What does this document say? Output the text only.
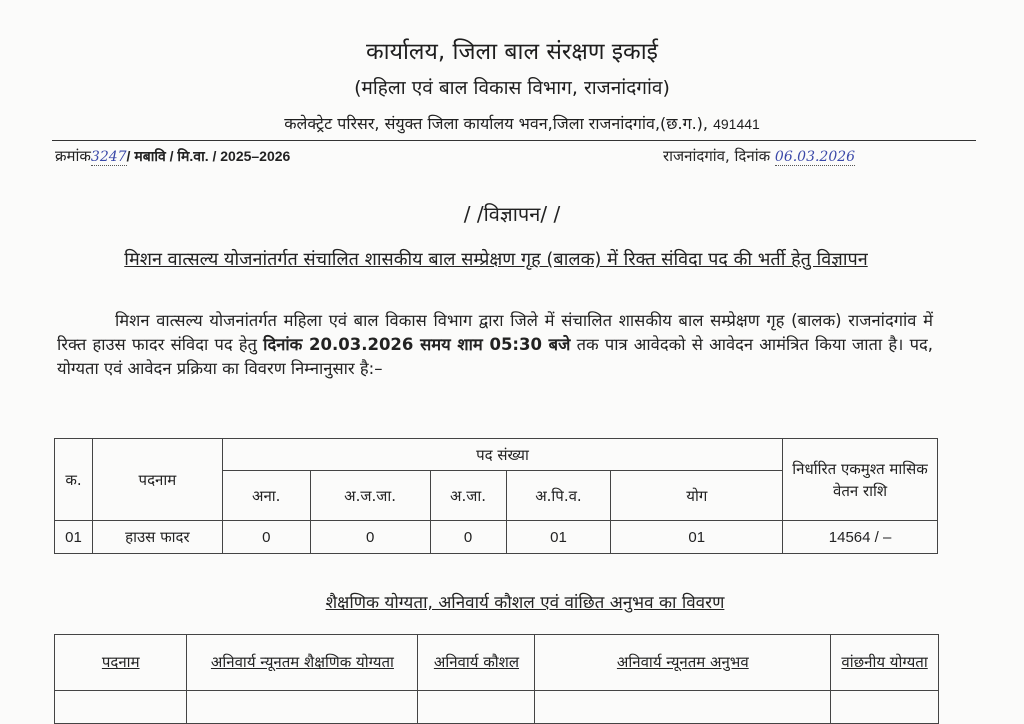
कार्यालय, जिला बाल संरक्षण इकाई
(महिला एवं बाल विकास विभाग, राजनांदगांव)
कलेक्ट्रेट परिसर, संयुक्त जिला कार्यालय भवन,जिला राजनांदगांव,(छ.ग.), 491441
क्रमांक3247/ मबावि / मि.वा. / 2025–2026	राजनांदगांव, दिनांक 06.03.2026
/ /विज्ञापन/ /
मिशन वात्सल्य योजनांतर्गत संचालित शासकीय बाल सम्प्रेक्षण गृह (बालक) में रिक्त संविदा पद की भर्ती हेतु विज्ञापन
मिशन वात्सल्य योजनांतर्गत महिला एवं बाल विकास विभाग द्वारा जिले में संचालित शासकीय बाल सम्प्रेक्षण गृह (बालक) राजनांदगांव में रिक्त हाउस फादर संविदा पद हेतु दिनांक 20.03.2026 समय शाम 05:30 बजे तक पात्र आवेदको से आवेदन आमंत्रित किया जाता है। पद, योग्यता एवं आवेदन प्रक्रिया का विवरण निम्नानुसार है:–
क.	पदनाम	पद संख्या					निर्धारित एकमुश्त मासिक वेतन राशि
		अना.	अ.ज.जा.	अ.जा.	अ.पि.व.	योग	
01	हाउस फादर	0	0	0	01	01	14564 / –
शैक्षणिक योग्यता, अनिवार्य कौशल एवं वांछित अनुभव का विवरण
पदनाम	अनिवार्य न्यूनतम शैक्षणिक योग्यता	अनिवार्य कौशल	अनिवार्य न्यूनतम अनुभव	वांछनीय योग्यता
